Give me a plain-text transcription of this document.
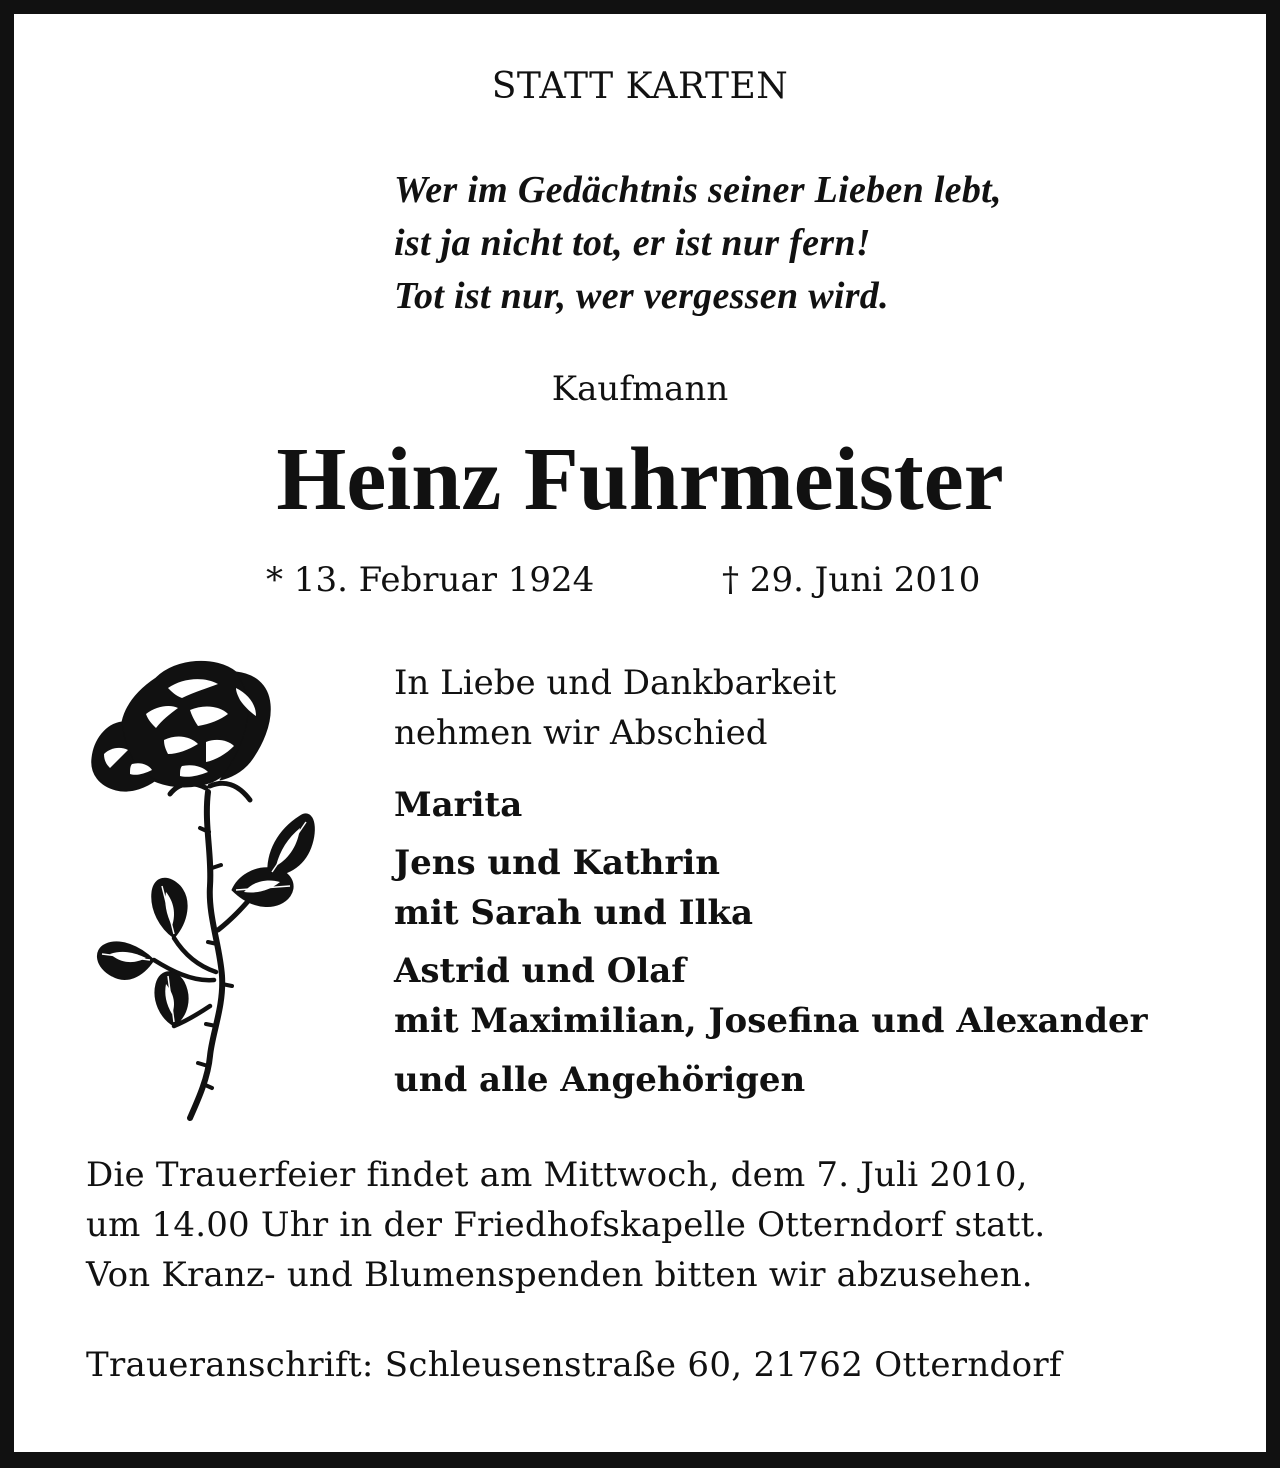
STATT KARTEN
Wer im Gedächtnis seiner Lieben lebt,
ist ja nicht tot, er ist nur fern!
Tot ist nur, wer vergessen wird.
Kaufmann
Heinz Fuhrmeister
* 13. Februar 1924	† 29. Juni 2010
In Liebe und Dankbarkeit
nehmen wir Abschied
Marita
Jens und Kathrin
mit Sarah und Ilka
Astrid und Olaf
mit Maximilian, Josefina und Alexander
und alle Angehörigen
Die Trauerfeier findet am Mittwoch, dem 7. Juli 2010,
um 14.00 Uhr in der Friedhofskapelle Otterndorf statt.
Von Kranz- und Blumenspenden bitten wir abzusehen.
Traueranschrift: Schleusenstraße 60, 21762 Otterndorf
